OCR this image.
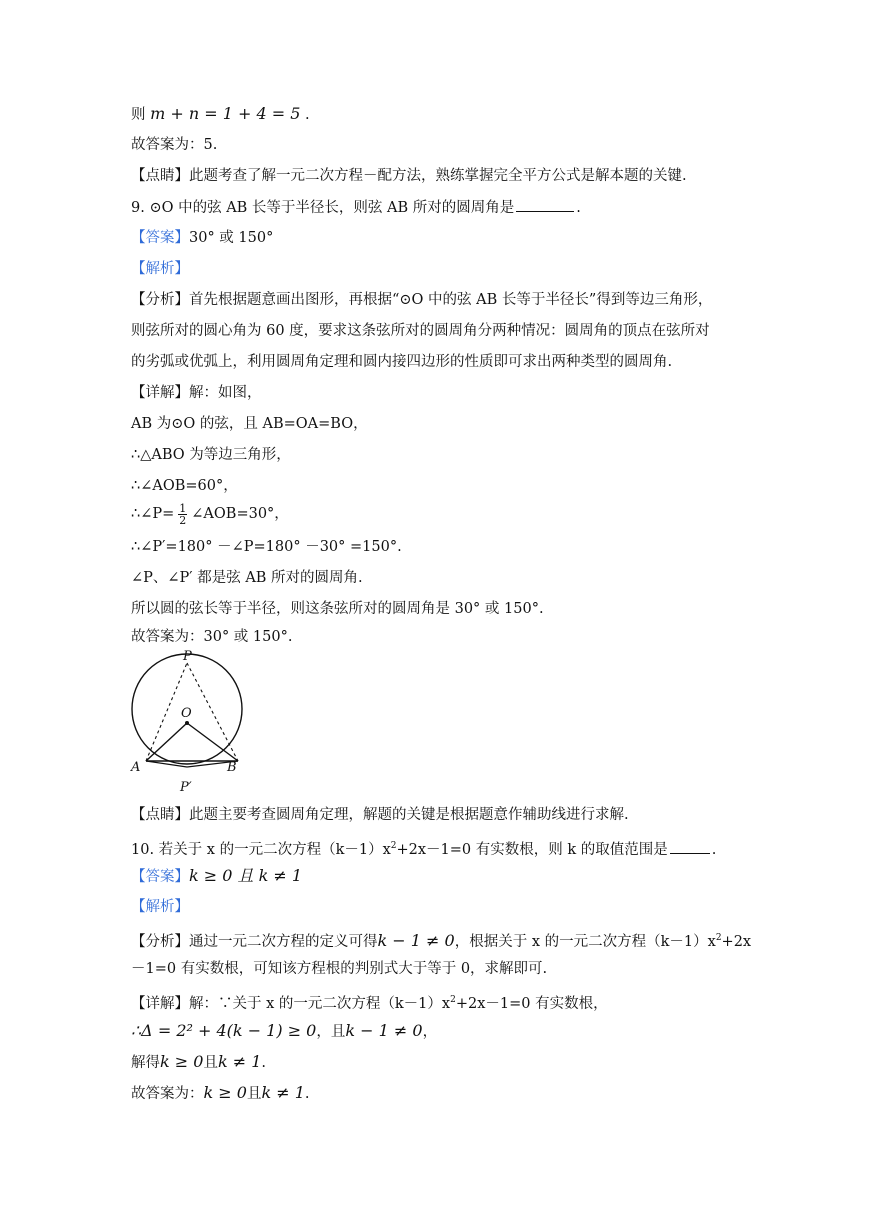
则 m + n = 1 + 4 = 5 .
故答案为：5.
【点睛】此题考查了解一元二次方程－配方法，熟练掌握完全平方公式是解本题的关键.
9. ⊙O 中的弦 AB 长等于半径长，则弦 AB 所对的圆周角是	.
【答案】30° 或 150°
【解析】
【分析】首先根据题意画出图形，再根据“⊙O 中的弦 AB 长等于半径长”得到等边三角形，
则弦所对的圆心角为 60 度，要求这条弦所对的圆周角分两种情况：圆周角的顶点在弦所对
的劣弧或优弧上，利用圆周角定理和圆内接四边形的性质即可求出两种类型的圆周角.
【详解】解：如图，
AB 为⊙O 的弦，且 AB=OA=BO，
∴△ABO 为等边三角形，
∴∠AOB=60°，
∴∠P= $\frac{1}{2}$ ∠AOB=30°，
∴∠P′=180° －∠P=180° －30° =150°.
∠P、∠P′ 都是弦 AB 所对的圆周角.
所以圆的弦长等于半径，则这条弦所对的圆周角是 30° 或 150°.
故答案为：30° 或 150°.
P
O
A	B
P′
【点睛】此题主要考查圆周角定理，解题的关键是根据题意作辅助线进行求解.
10. 若关于 x 的一元二次方程$(k-1)x^2+2x-1=0$ 有实数根，则 k 的取值范围是	.
【答案】k ≥ 0 且 k ≠ 1
【解析】
【分析】通过一元二次方程的定义可得k − 1 ≠ 0，根据关于 x 的一元二次方程$(k-1)x^2+2x$
－1=0 有实数根，可知该方程根的判别式大于等于 0，求解即可.
【详解】解：∵关于 x 的一元二次方程$(k-1)x^2+2x-1=0$ 有实数根，
∴Δ = 2² + 4(k − 1) ≥ 0，且k − 1 ≠ 0，
解得k ≥ 0且k ≠ 1.
故答案为：k ≥ 0且k ≠ 1.
